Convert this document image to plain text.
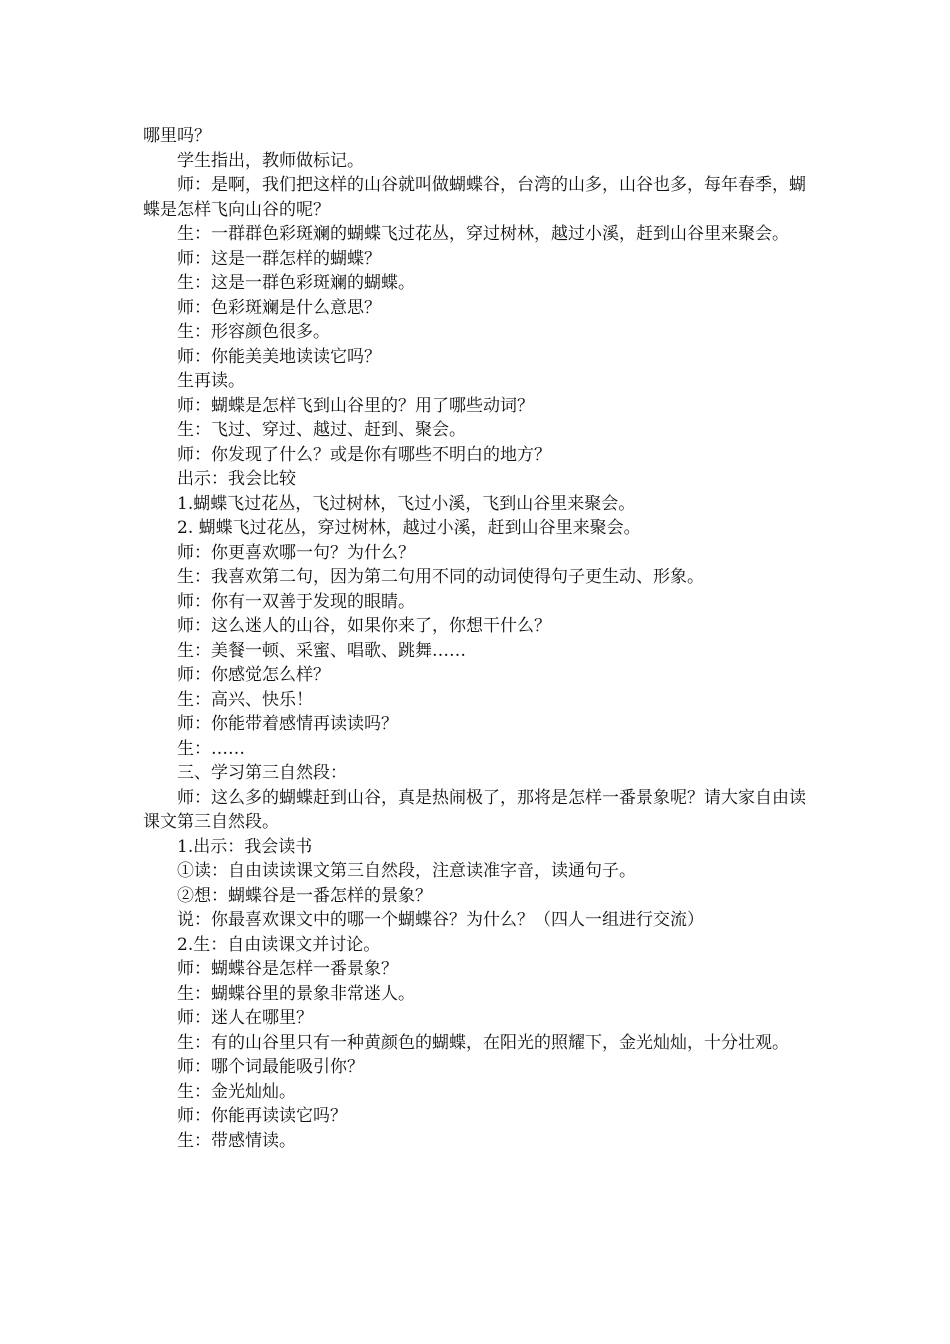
哪里吗？

学生指出，教师做标记。

师：是啊，我们把这样的山谷就叫做蝴蝶谷，台湾的山多，山谷也多，每年春季，蝴蝶是怎样飞向山谷的呢？

生：一群群色彩斑斓的蝴蝶飞过花丛，穿过树林，越过小溪，赶到山谷里来聚会。

师：这是一群怎样的蝴蝶？

生：这是一群色彩斑斓的蝴蝶。

师：色彩斑斓是什么意思？

生：形容颜色很多。

师：你能美美地读读它吗？

生再读。

师：蝴蝶是怎样飞到山谷里的？用了哪些动词？

生：飞过、穿过、越过、赶到、聚会。

师：你发现了什么？或是你有哪些不明白的地方？

出示：我会比较

1.蝴蝶飞过花丛，飞过树林，飞过小溪，飞到山谷里来聚会。

2. 蝴蝶飞过花丛，穿过树林，越过小溪，赶到山谷里来聚会。

师：你更喜欢哪一句？为什么？

生：我喜欢第二句，因为第二句用不同的动词使得句子更生动、形象。

师：你有一双善于发现的眼睛。

师：这么迷人的山谷，如果你来了，你想干什么？

生：美餐一顿、采蜜、唱歌、跳舞……

师：你感觉怎么样？

生：高兴、快乐！

师：你能带着感情再读读吗？

生：……

三、学习第三自然段：

师：这么多的蝴蝶赶到山谷，真是热闹极了，那将是怎样一番景象呢？请大家自由读课文第三自然段。

1.出示：我会读书

①读：自由读读课文第三自然段，注意读准字音，读通句子。

②想：蝴蝶谷是一番怎样的景象？

说：你最喜欢课文中的哪一个蝴蝶谷？为什么？（四人一组进行交流）

2.生：自由读课文并讨论。

师：蝴蝶谷是怎样一番景象？

生：蝴蝶谷里的景象非常迷人。

师：迷人在哪里？

生：有的山谷里只有一种黄颜色的蝴蝶，在阳光的照耀下，金光灿灿，十分壮观。

师：哪个词最能吸引你？

生：金光灿灿。

师：你能再读读它吗？

生：带感情读。
